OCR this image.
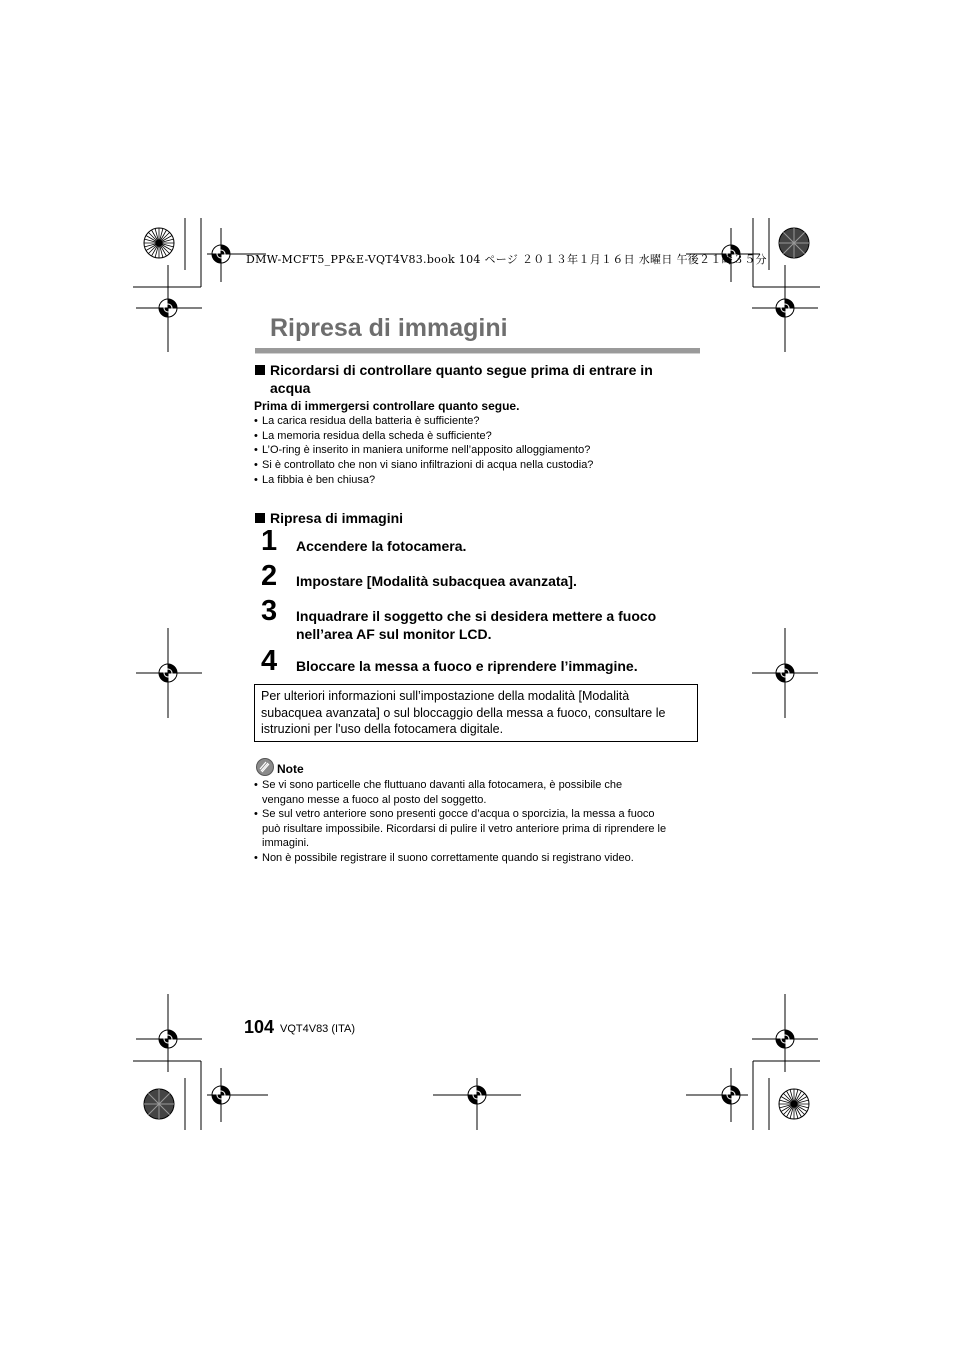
DMW-MCFT5_PP&E-VQT4V83.book 104 ページ ２０１３年１月１６日 水曜日 午後２１時３５分
Ripresa di immagini
Ricordarsi di controllare quanto segue prima di entrare in
acqua
Prima di immergersi controllare quanto segue.
• La carica residua della batteria è sufficiente?
• La memoria residua della scheda è sufficiente?
• L’O-ring è inserito in maniera uniforme nell’apposito alloggiamento?
• Si è controllato che non vi siano infiltrazioni di acqua nella custodia?
• La fibbia è ben chiusa?
Ripresa di immagini
1 Accendere la fotocamera.
2 Impostare [Modalità subacquea avanzata].
3 Inquadrare il soggetto che si desidera mettere a fuoco
nell’area AF sul monitor LCD.
4 Bloccare la messa a fuoco e riprendere l’immagine.
Per ulteriori informazioni sull’impostazione della modalità [Modalità
subacquea avanzata] o sul bloccaggio della messa a fuoco, consultare le
istruzioni per l'uso della fotocamera digitale.
Note
• Se vi sono particelle che fluttuano davanti alla fotocamera, è possibile che
vengano messe a fuoco al posto del soggetto.
• Se sul vetro anteriore sono presenti gocce d’acqua o sporcizia, la messa a fuoco
può risultare impossibile. Ricordarsi di pulire il vetro anteriore prima di riprendere le
immagini.
• Non è possibile registrare il suono correttamente quando si registrano video.
104 VQT4V83 (ITA)
